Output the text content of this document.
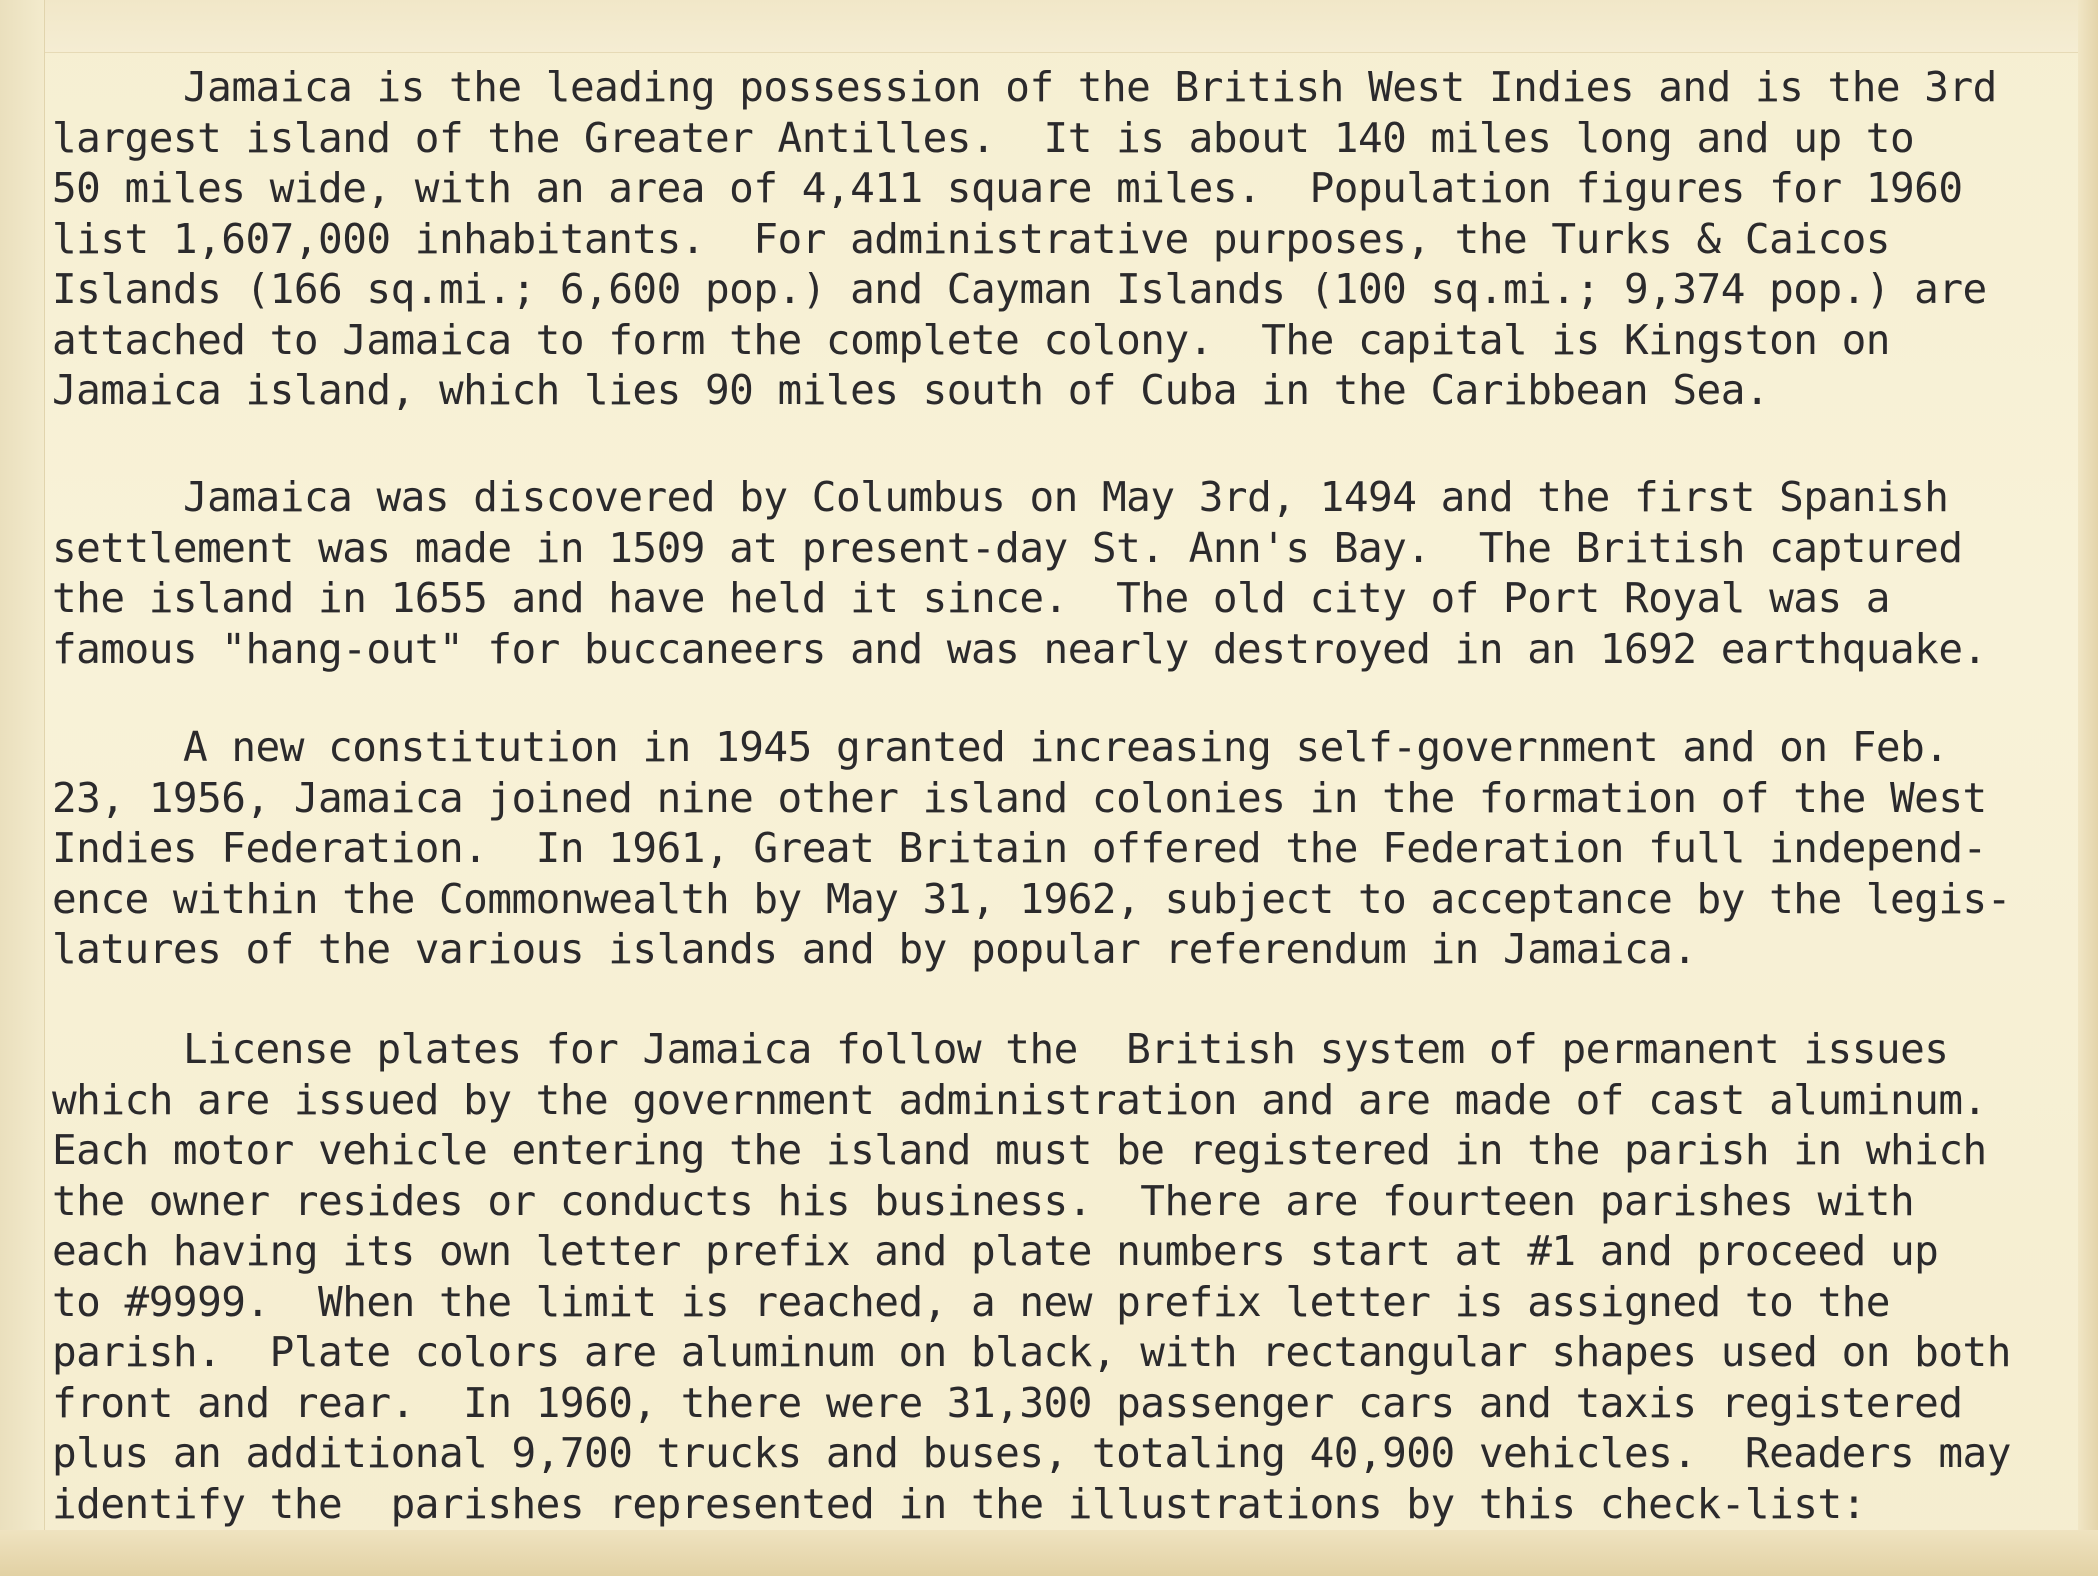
Jamaica is the leading possession of the British West Indies and is the 3rd
largest island of the Greater Antilles.  It is about 140 miles long and up to
50 miles wide, with an area of 4,411 square miles.  Population figures for 1960
list 1,607,000 inhabitants.  For administrative purposes, the Turks & Caicos
Islands (166 sq.mi.; 6,600 pop.) and Cayman Islands (100 sq.mi.; 9,374 pop.) are
attached to Jamaica to form the complete colony.  The capital is Kingston on
Jamaica island, which lies 90 miles south of Cuba in the Caribbean Sea.
Jamaica was discovered by Columbus on May 3rd, 1494 and the first Spanish
settlement was made in 1509 at present-day St. Ann's Bay.  The British captured
the island in 1655 and have held it since.  The old city of Port Royal was a
famous "hang-out" for buccaneers and was nearly destroyed in an 1692 earthquake.
A new constitution in 1945 granted increasing self-government and on Feb.
23, 1956, Jamaica joined nine other island colonies in the formation of the West
Indies Federation.  In 1961, Great Britain offered the Federation full independ-
ence within the Commonwealth by May 31, 1962, subject to acceptance by the legis-
latures of the various islands and by popular referendum in Jamaica.
License plates for Jamaica follow the  British system of permanent issues
which are issued by the government administration and are made of cast aluminum.
Each motor vehicle entering the island must be registered in the parish in which
the owner resides or conducts his business.  There are fourteen parishes with
each having its own letter prefix and plate numbers start at #1 and proceed up
to #9999.  When the limit is reached, a new prefix letter is assigned to the
parish.  Plate colors are aluminum on black, with rectangular shapes used on both
front and rear.  In 1960, there were 31,300 passenger cars and taxis registered
plus an additional 9,700 trucks and buses, totaling 40,900 vehicles.  Readers may
identify the  parishes represented in the illustrations by this check-list:
